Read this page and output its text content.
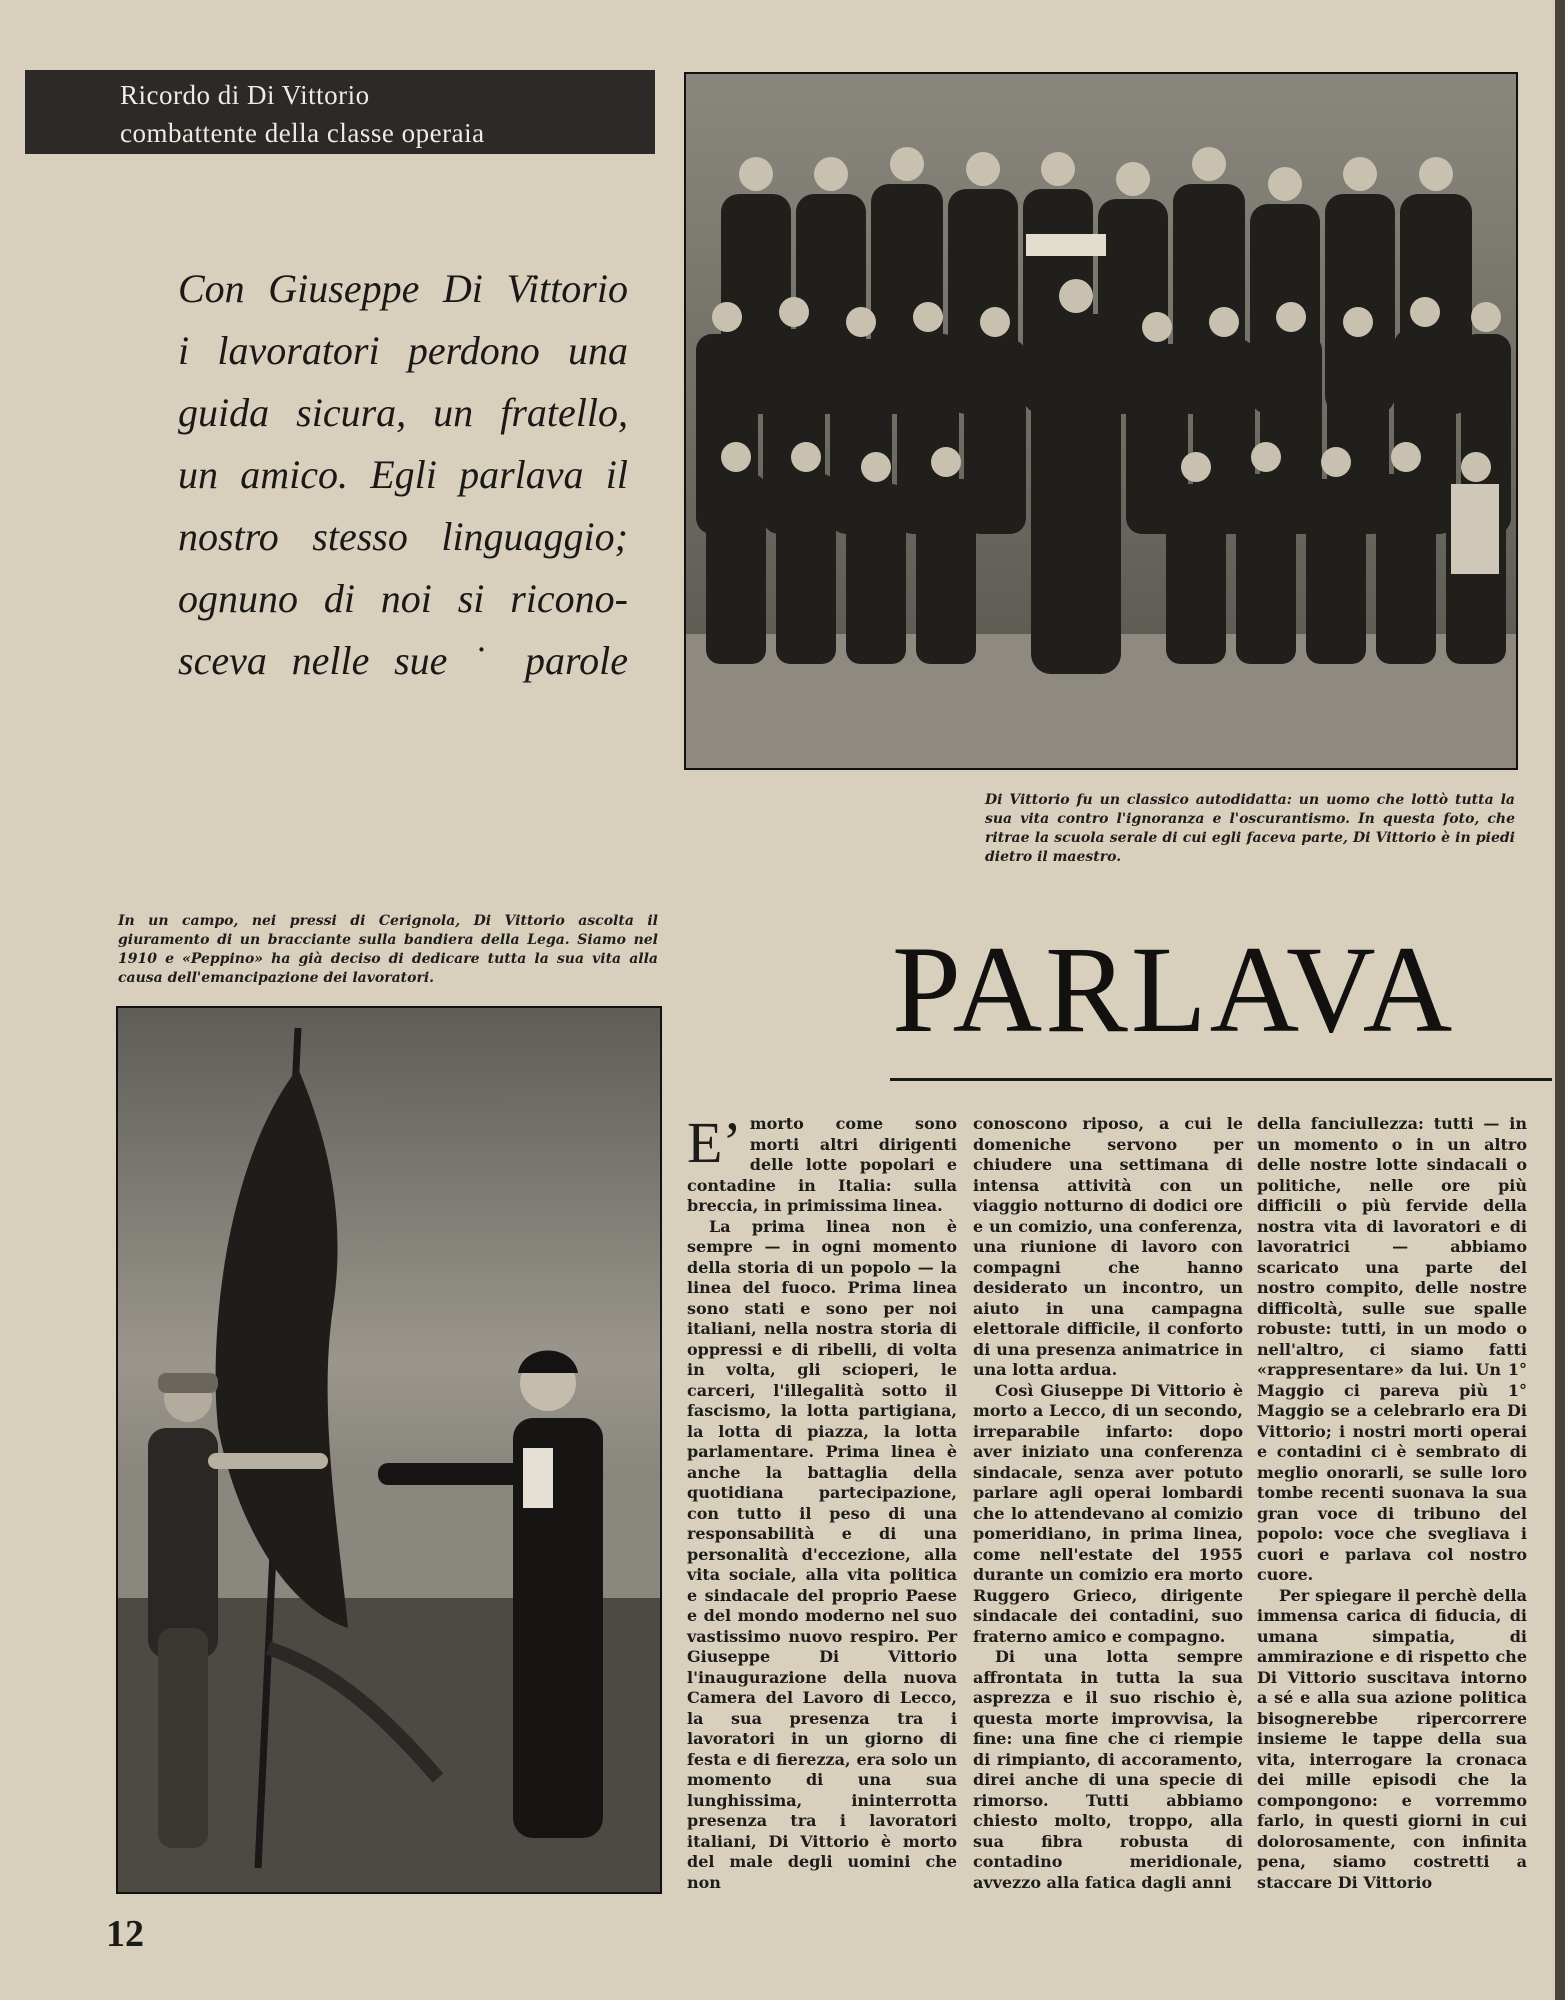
Ricordo di Di Vittorio
combattente della classe operaia
Con Giuseppe Di Vittorio
i lavoratori perdono una
guida sicura, un fratello,
un amico. Egli parlava il
nostro stesso linguaggio;
ognuno di noi si ricono-
sceva nelle sue ˙ parole
Di Vittorio fu un classico autodidatta: un uomo che lottò tutta la sua vita contro l'ignoranza e l'oscurantismo. In questa foto, che ritrae la scuola serale di cui egli faceva parte, Di Vittorio è in piedi dietro il maestro.
In un campo, nei pressi di Cerignola, Di Vittorio ascolta il giuramento di un bracciante sulla bandiera della Lega. Siamo nel 1910 e «Peppino» ha già deciso di dedicare tutta la sua vita alla causa dell'emancipazione dei lavoratori.	PARLAVA

E’ morto come sono morti altri dirigenti delle lotte popolari e contadine in Italia: sulla breccia, in primissima linea.

La prima linea non è sempre — in ogni momento della storia di un popolo — la linea del fuoco. Prima linea sono stati e sono per noi italiani, nella nostra storia di oppressi e di ribelli, di volta in volta, gli scioperi, le carceri, l'illegalità sotto il fascismo, la lotta partigiana, la lotta di piazza, la lotta parlamentare. Prima linea è anche la battaglia della quotidiana partecipazione, con tutto il peso di una responsabilità e di una personalità d'eccezione, alla vita sociale, alla vita politica e sindacale del proprio Paese e del mondo moderno nel suo vastissimo nuovo respiro. Per Giuseppe Di Vittorio l'inaugurazione della nuova Camera del Lavoro di Lecco, la sua presenza tra i lavoratori in un giorno di festa e di fierezza, era solo un momento di una sua lunghissima, ininterrotta presenza tra i lavoratori italiani, Di Vittorio è morto del male degli uomini che non

conoscono riposo, a cui le domeniche servono per chiudere una settimana di intensa attività con un viaggio notturno di dodici ore e un comizio, una conferenza, una riunione di lavoro con compagni che hanno desiderato un incontro, un aiuto in una campagna elettorale difficile, il conforto di una presenza animatrice in una lotta ardua.

Così Giuseppe Di Vittorio è morto a Lecco, di un secondo, irreparabile infarto: dopo aver iniziato una conferenza sindacale, senza aver potuto parlare agli operai lombardi che lo attendevano al comizio pomeridiano, in prima linea, come nell'estate del 1955 durante un comizio era morto Ruggero Grieco, dirigente sindacale dei contadini, suo fraterno amico e compagno.

Di una lotta sempre affrontata in tutta la sua asprezza e il suo rischio è, questa morte improvvisa, la fine: una fine che ci riempie di rimpianto, di accoramento, direi anche di una specie di rimorso. Tutti abbiamo chiesto molto, troppo, alla sua fibra robusta di contadino meridionale, avvezzo alla fatica dagli anni

della fanciullezza: tutti — in un momento o in un altro delle nostre lotte sindacali o politiche, nelle ore più difficili o più fervide della nostra vita di lavoratori e di lavoratrici — abbiamo scaricato una parte del nostro compito, delle nostre difficoltà, sulle sue spalle robuste: tutti, in un modo o nell'altro, ci siamo fatti «rappresentare» da lui. Un 1° Maggio ci pareva più 1° Maggio se a celebrarlo era Di Vittorio; i nostri morti operai e contadini ci è sembrato di meglio onorarli, se sulle loro tombe recenti suonava la sua gran voce di tribuno del popolo: voce che svegliava i cuori e parlava col nostro cuore.

Per spiegare il perchè della immensa carica di fiducia, di umana simpatia, di ammirazione e di rispetto che Di Vittorio suscitava intorno a sé e alla sua azione politica bisognerebbe ripercorrere insieme le tappe della sua vita, interrogare la cronaca dei mille episodi che la compongono: e vorremmo farlo, in questi giorni in cui dolorosamente, con infinita pena, siamo costretti a staccare Di Vittorio

12
